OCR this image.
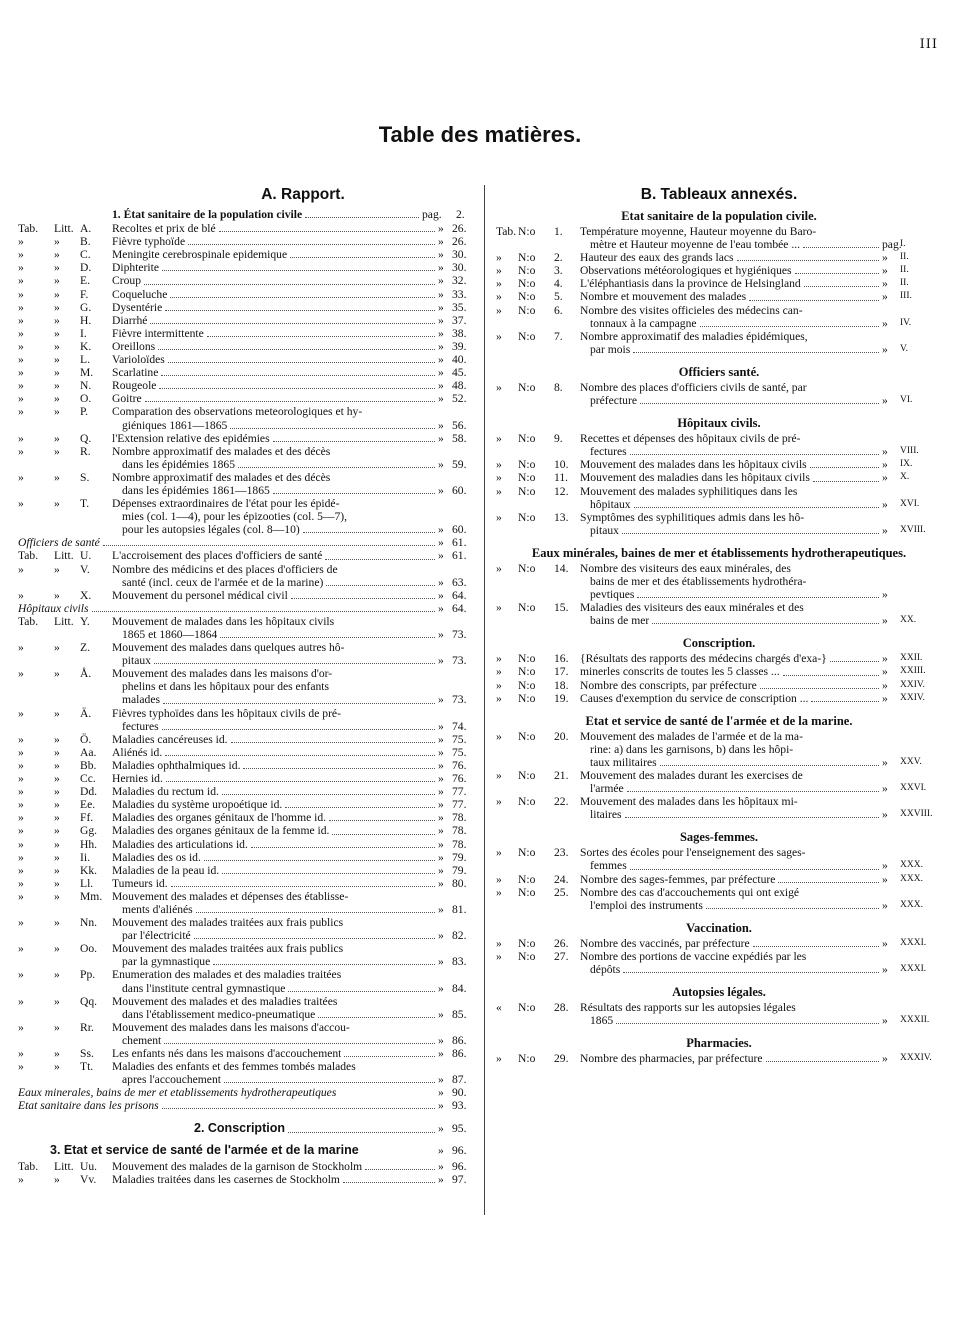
III
Table des matières.
A. Rapport.
1. État sanitaire de la population civile	pag.	2.
Tab.	Litt. A.	Recoltes et prix de blé	» 26.
»	»	B.	Fièvre typhoïde	» 26.
»	»	C.	Meningite cerebrospinale epidemique	» 30.
»	»	D.	Diphterite	» 30.
»	»	E.	Croup	» 32.
»	»	F.	Coqueluche	» 33.
»	»	G.	Dysentérie	» 35.
»	»	H.	Diarrhé	» 37.
»	»	I.	Fièvre intermittente	» 38.
»	»	K.	Oreillons	» 39.
»	»	L.	Varioloïdes	» 40.
»	»	M.	Scarlatine	» 45.
»	»	N.	Rougeole	» 48.
»	»	O.	Goitre	» 52.
»	»	P.	Comparation des observations meteorologiques et hy-
giéniques 1861—1865	» 56.
»	»	Q.	l'Extension relative des epidémies	» 58.
»	»	R.	Nombre approximatif des malades et des décès
dans les épidémies 1865	» 59.
»	»	S.	Nombre approximatif des malades et des décès
dans les épidémies 1861—1865	» 60.
»	»	T.	Dépenses extraordinaires de l'état pour les épidé-
mies (col. 1—4), pour les épizooties (col. 5—7),
pour les autopsies légales (col. 8—10)	» 60.
Officiers de santé	» 61.
Tab.	Litt. U.	L'accroisement des places d'officiers de santé	» 61.
»	»	V.	Nombre des médicins et des places d'officiers de
santé (incl. ceux de l'armée et de la marine)	» 63.
»	»	X.	Mouvement du personel médical civil	» 64.
Hôpitaux civils	» 64.
Tab.	Litt. Y.	Mouvement de malades dans les hôpitaux civils
1865 et 1860—1864	» 73.
»	»	Z.	Mouvement des malades dans quelques autres hô-
pitaux	» 73.
»	»	Å.	Mouvement des malades dans les maisons d'or-
phelins et dans les hôpitaux pour des enfants
malades	» 73.
»	»	Ä.	Fièvres typhoïdes dans les hôpitaux civils de pré-
fectures	» 74.
»	»	Ö.	Maladies cancéreuses id.	» 75.
»	»	Aa.	Aliénés id.	» 75.
»	»	Bb.	Maladies ophthalmiques id.	» 76.
»	»	Cc.	Hernies id.	» 76.
»	»	Dd.	Maladies du rectum id.	» 77.
»	»	Ee.	Maladies du système uropoétique id.	» 77.
»	»	Ff.	Maladies des organes génitaux de l'homme id.	» 78.
»	»	Gg.	Maladies des organes génitaux de la femme id.	» 78.
»	»	Hh.	Maladies des articulations id.	» 78.
»	»	Ii.	Maladies des os id.	» 79.
»	»	Kk.	Maladies de la peau id.	» 79.
»	»	Ll.	Tumeurs id.	» 80.
»	»	Mm. Mouvement des malades et dépenses des établisse-
ments d'aliénés	» 81.
»	»	Nn.	Mouvement des malades traitées aux frais publics
par l'électricité	» 82.
»	»	Oo.	Mouvement des malades traitées aux frais publics
par la gymnastique	» 83.
»	»	Pp.	Enumeration des malades et des maladies traitées
dans l'institute central gymnastique	» 84.
»	»	Qq.	Mouvement des malades et des maladies traitées
dans l'établissement medico-pneumatique	» 85.
»	»	Rr.	Mouvement des malades dans les maisons d'accou-
chement	» 86.
»	»	Ss.	Les enfants nés dans les maisons d'accouchement	» 86.
»	»	Tt.	Maladies des enfants et des femmes tombés malades
apres l'accouchement	» 87.
Eaux minerales, bains de mer et etablissements hydrotherapeutiques	» 90.
Etat sanitaire dans les prisons	» 93.
2. Conscription	» 95.
3. État et service de santé de l'armée et de la marine	» 96.
Tab.	Litt. Uu.	Mouvement des malades de la garnison de Stockholm	» 96.
»	»	Vv.	Maladies traitées dans les casernes de Stockholm	» 97.
B. Tableaux annexés.
Etat sanitaire de la population civile.
Tab. N:o	1.	Température moyenne, Hauteur moyenne du Baro-
mètre et Hauteur moyenne de l'eau tombée ...	pag.
I.
»	N:o	2.	Hauteur des eaux des grands lacs	»	II.
»	N:o	3.	Observations météorologiques et hygiéniques	»	II.
»	N:o	4.	L'éléphantiasis dans la province de Helsingland	»	II.
»	N:o	5.	Nombre et mouvement des malades	»	III.
»	N:o	6.	Nombre des visites officieles des médecins can-
tonnaux à la campagne	»	IV.
»	N:o	7.	Nombre approximatif des maladies épidémiques,
par mois	»	V.
Officiers santé.
»	N:o	8.	Nombre des places d'officiers civils de santé, par
préfecture	»	VI.
Hôpitaux civils.
»	N:o	9.	Recettes et dépenses des hôpitaux civils de pré-
fectures	»	VIII.
»	N:o	10. Mouvement des malades dans les hôpitaux civils	»	IX.
»	N:o	11.	Mouvement des maladies dans les hôpitaux civils	»	X.
»	N:o	12. Mouvement des malades syphilitiques dans les
hôpitaux	»	XVI.
»	N:o	13. Symptômes des syphilitiques admis dans les hô-
pitaux	»	XVIII.
Eaux minérales, baines de mer et établissements hydrotherapeutiques.
»	N:o	14. Nombre des visiteurs des eaux minérales, des
bains de mer et des établissements hydrothéra-
pevtiques	»
»	N:o	15. Maladies des visiteurs des eaux minérales et des
bains de mer	»	XX.
Conscription.
»	N:o	16. {Résultats des rapports des médecins chargés d'exa-}	»	XXII.
»	N:o	17. minerles conscrits de toutes les 5 classes ...	»	XXIII.
»	N:o	18. Nombre des conscripts, par préfecture	»	XXIV.
»	N:o	19. Causes d'exemption du service de conscription ...	»	XXIV.
Etat et service de santé de l'armée et de la marine.
»	N:o	20. Mouvement des malades de l'armée et de la ma-
rine: a) dans les garnisons, b) dans les hôpi-
taux militaires	»	XXV.
»	N:o	21. Mouvement des malades durant les exercises de
l'armée	»	XXVI.
»	N:o	22. Mouvement des malades dans les hôpitaux mi-
litaires	»	XXVIII.
Sages-femmes.
»	N:o	23. Sortes des écoles pour l'enseignement des sages-
femmes	»	XXX.
»	N:o	24. Nombre des sages-femmes, par préfecture	»	XXX.
»	N:o	25. Nombre des cas d'accouchements qui ont exigé
l'emploi des instruments	»	XXX.
Vaccination.
»	N:o	26. Nombre des vaccinés, par préfecture	»	XXXI.
»	N:o	27. Nombre des portions de vaccine expédiés par les
dépôts	»	XXXI.
Autopsies légales.
«	N:o	28. Résultats des rapports sur les autopsies légales
1865	»	XXXII.
Pharmacies.
»	N:o	29. Nombre des pharmacies, par préfecture	»	XXXIV.
